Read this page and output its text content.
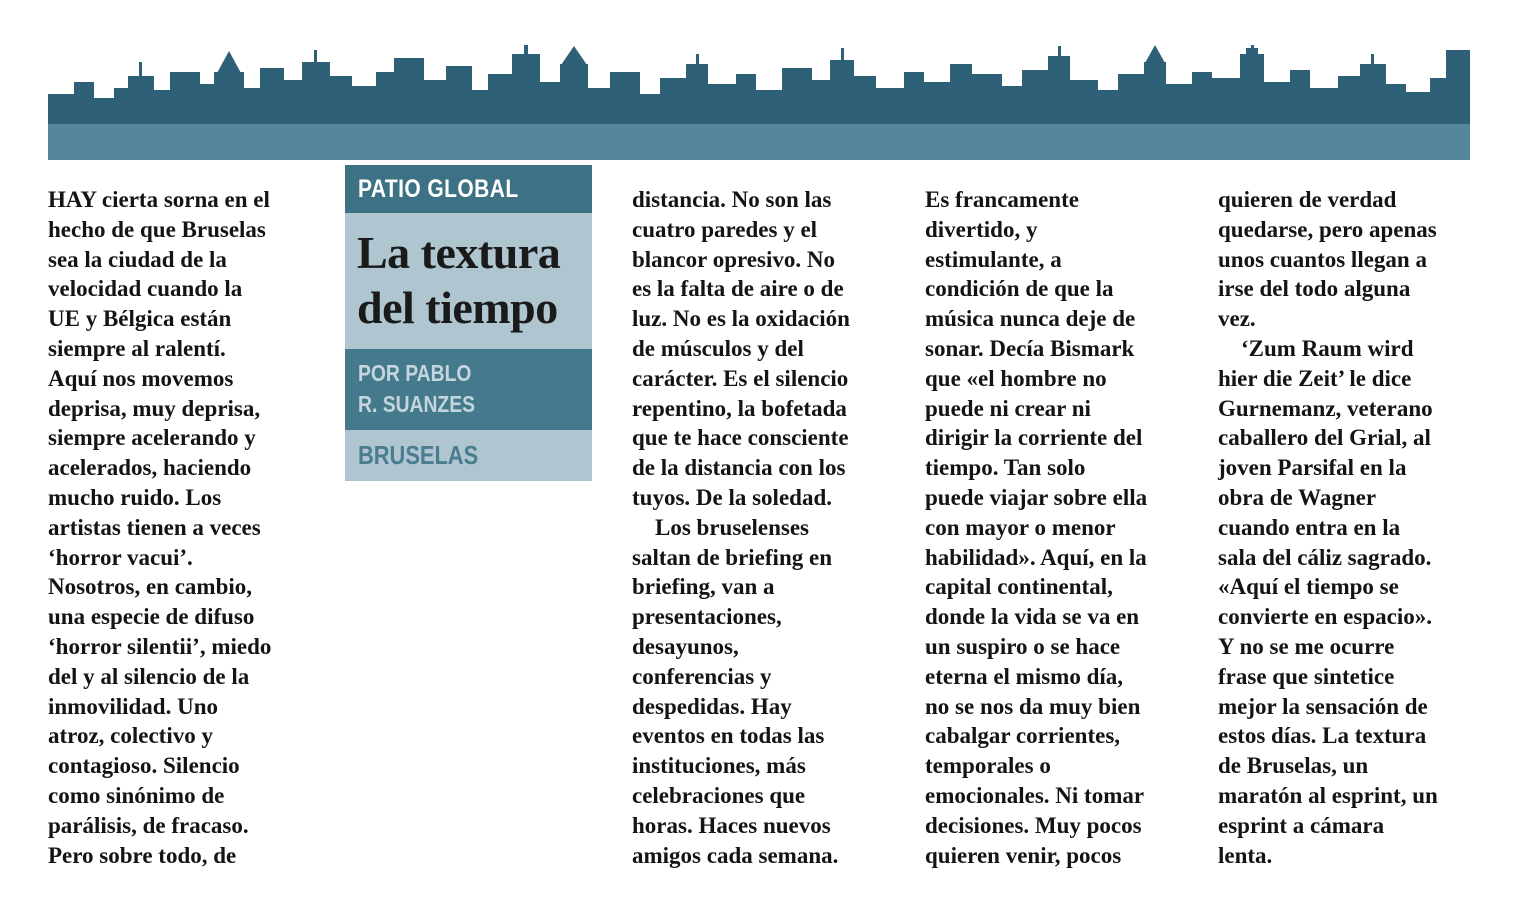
HAY cierta sorna en el
hecho de que Bruselas
sea la ciudad de la
velocidad cuando la
UE y Bélgica están
siempre al ralentí.
Aquí nos movemos
deprisa, muy deprisa,
siempre acelerando y
acelerados, haciendo
mucho ruido. Los
artistas tienen a veces
‘horror vacui’.
Nosotros, en cambio,
una especie de difuso
‘horror silentii’, miedo
del y al silencio de la
inmovilidad. Uno
atroz, colectivo y
contagioso. Silencio
como sinónimo de
parálisis, de fracaso.
Pero sobre todo, de
PATIO GLOBAL
La textura
del tiempo
POR PABLO
R. SUANZES
BRUSELAS
distancia. No son las
cuatro paredes y el
blancor opresivo. No
es la falta de aire o de
luz. No es la oxidación
de músculos y del
carácter. Es el silencio
repentino, la bofetada
que te hace consciente
de la distancia con los
tuyos. De la soledad.
Los bruselenses
saltan de briefing en
briefing, van a
presentaciones,
desayunos,
conferencias y
despedidas. Hay
eventos en todas las
instituciones, más
celebraciones que
horas. Haces nuevos
amigos cada semana.
Es francamente
divertido, y
estimulante, a
condición de que la
música nunca deje de
sonar. Decía Bismark
que «el hombre no
puede ni crear ni
dirigir la corriente del
tiempo. Tan solo
puede viajar sobre ella
con mayor o menor
habilidad». Aquí, en la
capital continental,
donde la vida se va en
un suspiro o se hace
eterna el mismo día,
no se nos da muy bien
cabalgar corrientes,
temporales o
emocionales. Ni tomar
decisiones. Muy pocos
quieren venir, pocos
quieren de verdad
quedarse, pero apenas
unos cuantos llegan a
irse del todo alguna
vez.
‘Zum Raum wird
hier die Zeit’ le dice
Gurnemanz, veterano
caballero del Grial, al
joven Parsifal en la
obra de Wagner
cuando entra en la
sala del cáliz sagrado.
«Aquí el tiempo se
convierte en espacio».
Y no se me ocurre
frase que sintetice
mejor la sensación de
estos días. La textura
de Bruselas, un
maratón al esprint, un
esprint a cámara
lenta.
